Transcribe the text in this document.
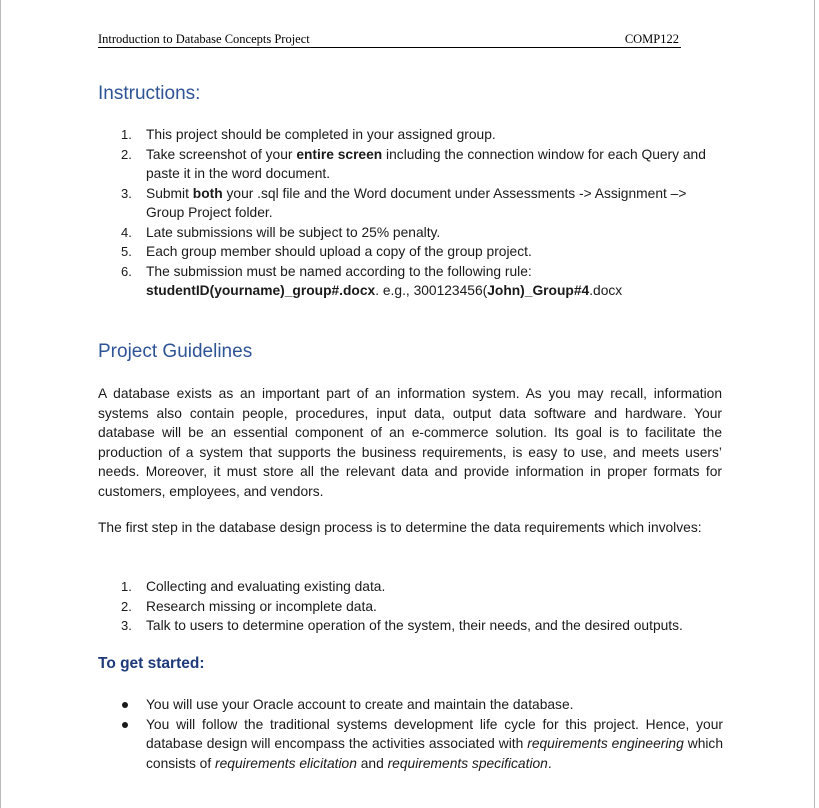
Introduction to Database Concepts Project	COMP122
Instructions:
1. This project should be completed in your assigned group.
2. Take screenshot of your entire screen including the connection window for each Query and paste it in the word document.
3. Submit both your .sql file and the Word document under Assessments -> Assignment –> Group Project folder.
4. Late submissions will be subject to 25% penalty.
5. Each group member should upload a copy of the group project.
6. The submission must be named according to the following rule:
studentID(yourname)_group#.docx. e.g., 300123456(John)_Group#4.docx
Project Guidelines

A database exists as an important part of an information system. As you may recall, information systems also contain people, procedures, input data, output data software and hardware. Your database will be an essential component of an e-commerce solution. Its goal is to facilitate the production of a system that supports the business requirements, is easy to use, and meets users’ needs. Moreover, it must store all the relevant data and provide information in proper formats for customers, employees, and vendors.

The first step in the database design process is to determine the data requirements which involves:

1. Collecting and evaluating existing data.
2. Research missing or incomplete data.
3. Talk to users to determine operation of the system, their needs, and the desired outputs.
To get started:
You will use your Oracle account to create and maintain the database.
You will follow the traditional systems development life cycle for this project. Hence, your database design will encompass the activities associated with requirements engineering which consists of requirements elicitation and requirements specification.
